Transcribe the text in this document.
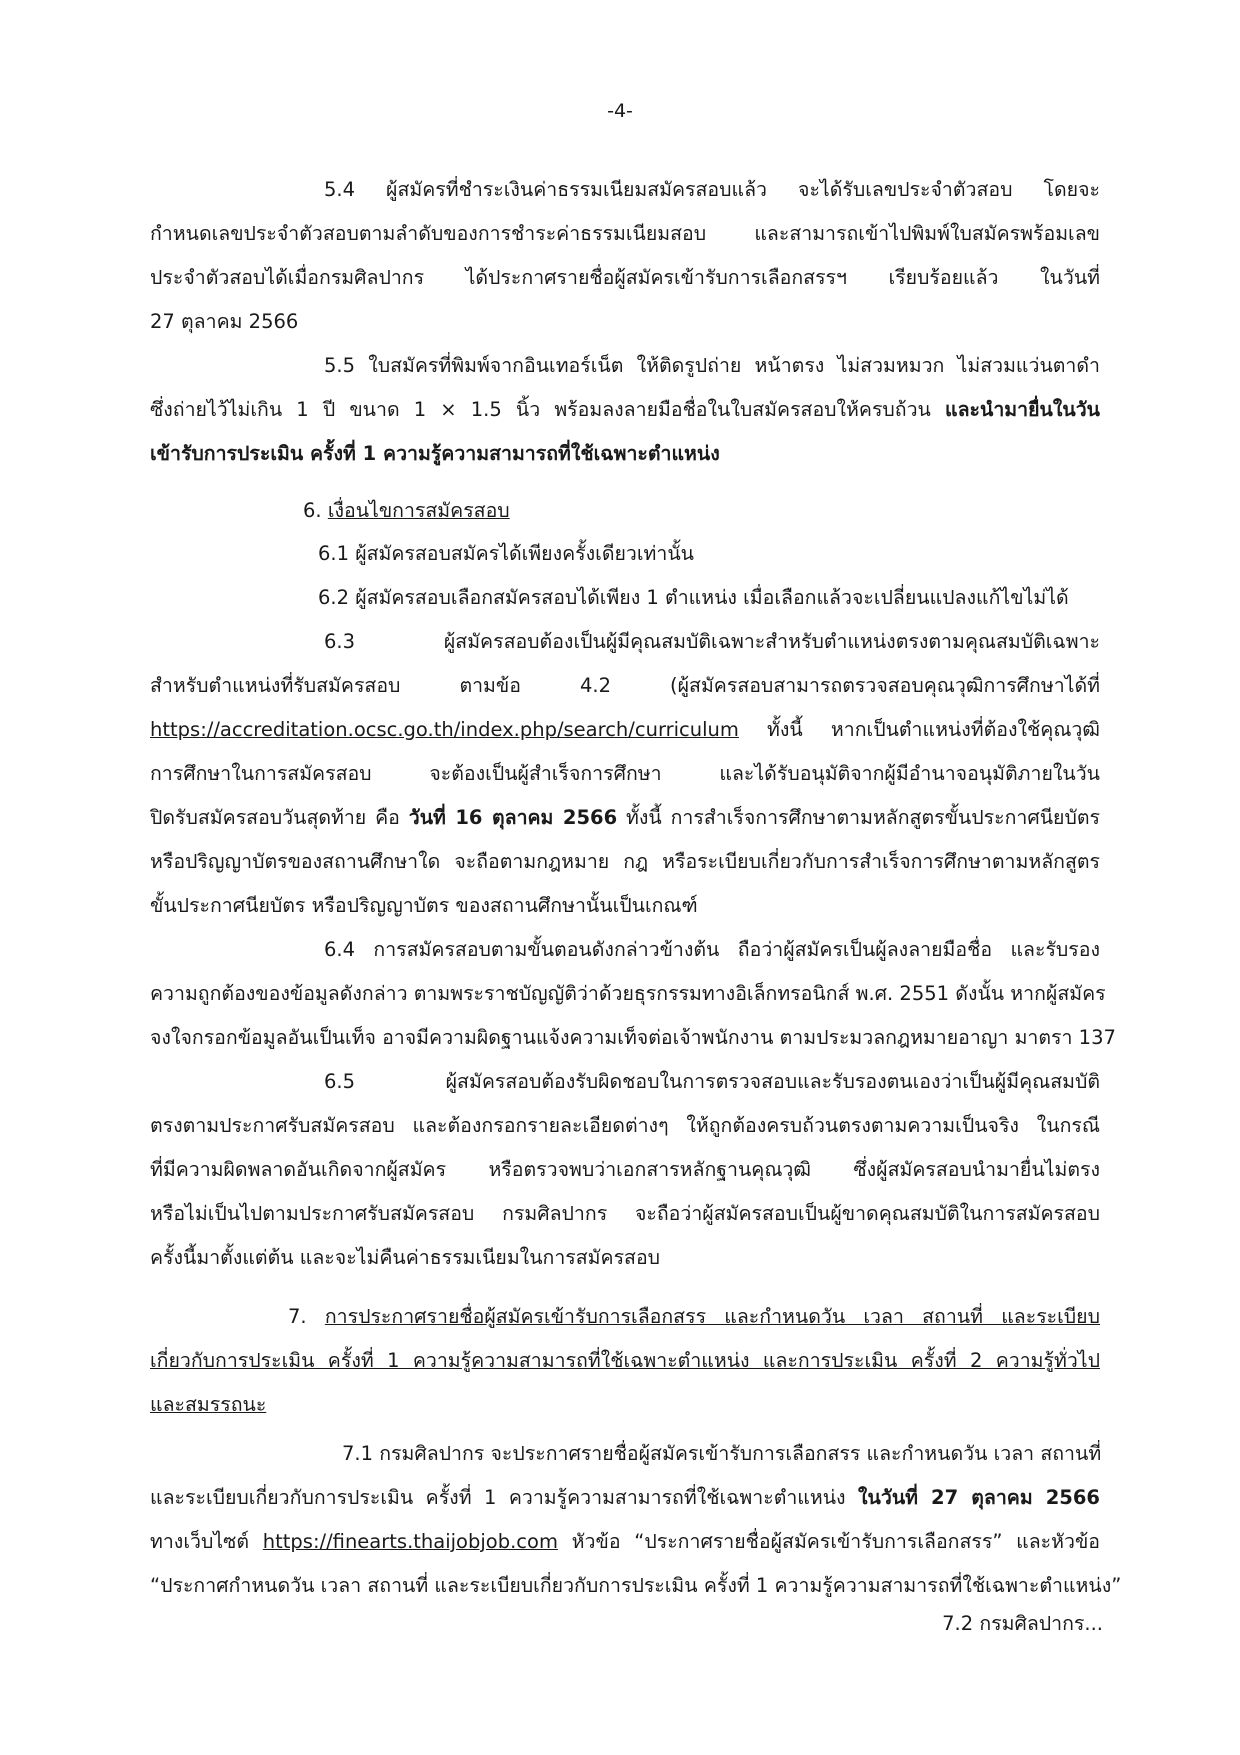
-4-
5.4 ผู้สมัครที่ชำระเงินค่าธรรมเนียมสมัครสอบแล้ว จะได้รับเลขประจำตัวสอบ โดยจะ
กำหนดเลขประจำตัวสอบตามลำดับของการชำระค่าธรรมเนียมสอบ และสามารถเข้าไปพิมพ์ใบสมัครพร้อมเลข
ประจำตัวสอบได้เมื่อกรมศิลปากร ได้ประกาศรายชื่อผู้สมัครเข้ารับการเลือกสรรฯ เรียบร้อยแล้ว ในวันที่
27 ตุลาคม 2566
5.5 ใบสมัครที่พิมพ์จากอินเทอร์เน็ต ให้ติดรูปถ่าย หน้าตรง ไม่สวมหมวก ไม่สวมแว่นตาดำ
ซึ่งถ่ายไว้ไม่เกิน 1 ปี ขนาด 1 × 1.5 นิ้ว พร้อมลงลายมือชื่อในใบสมัครสอบให้ครบถ้วน และนำมายื่นในวัน
เข้ารับการประเมิน ครั้งที่ 1 ความรู้ความสามารถที่ใช้เฉพาะตำแหน่ง
6. เงื่อนไขการสมัครสอบ
6.1 ผู้สมัครสอบสมัครได้เพียงครั้งเดียวเท่านั้น
6.2 ผู้สมัครสอบเลือกสมัครสอบได้เพียง 1 ตำแหน่ง เมื่อเลือกแล้วจะเปลี่ยนแปลงแก้ไขไม่ได้
6.3 ผู้สมัครสอบต้องเป็นผู้มีคุณสมบัติเฉพาะสำหรับตำแหน่งตรงตามคุณสมบัติเฉพาะ
สำหรับตำแหน่งที่รับสมัครสอบ ตามข้อ 4.2 (ผู้สมัครสอบสามารถตรวจสอบคุณวุฒิการศึกษาได้ที่
https://accreditation.ocsc.go.th/index.php/search/curriculum ทั้งนี้ หากเป็นตำแหน่งที่ต้องใช้คุณวุฒิ
การศึกษาในการสมัครสอบ จะต้องเป็นผู้สำเร็จการศึกษา และได้รับอนุมัติจากผู้มีอำนาจอนุมัติภายในวัน
ปิดรับสมัครสอบวันสุดท้าย คือ วันที่ 16 ตุลาคม 2566 ทั้งนี้ การสำเร็จการศึกษาตามหลักสูตรขั้นประกาศนียบัตร
หรือปริญญาบัตรของสถานศึกษาใด จะถือตามกฎหมาย กฎ หรือระเบียบเกี่ยวกับการสำเร็จการศึกษาตามหลักสูตร
ขั้นประกาศนียบัตร หรือปริญญาบัตร ของสถานศึกษานั้นเป็นเกณฑ์
6.4 การสมัครสอบตามขั้นตอนดังกล่าวข้างต้น ถือว่าผู้สมัครเป็นผู้ลงลายมือชื่อ และรับรอง
ความถูกต้องของข้อมูลดังกล่าว ตามพระราชบัญญัติว่าด้วยธุรกรรมทางอิเล็กทรอนิกส์ พ.ศ. 2551 ดังนั้น หากผู้สมัคร
จงใจกรอกข้อมูลอันเป็นเท็จ อาจมีความผิดฐานแจ้งความเท็จต่อเจ้าพนักงาน ตามประมวลกฎหมายอาญา มาตรา 137
6.5 ผู้สมัครสอบต้องรับผิดชอบในการตรวจสอบและรับรองตนเองว่าเป็นผู้มีคุณสมบัติ
ตรงตามประกาศรับสมัครสอบ และต้องกรอกรายละเอียดต่างๆ ให้ถูกต้องครบถ้วนตรงตามความเป็นจริง ในกรณี
ที่มีความผิดพลาดอันเกิดจากผู้สมัคร หรือตรวจพบว่าเอกสารหลักฐานคุณวุฒิ ซึ่งผู้สมัครสอบนำมายื่นไม่ตรง
หรือไม่เป็นไปตามประกาศรับสมัครสอบ กรมศิลปากร จะถือว่าผู้สมัครสอบเป็นผู้ขาดคุณสมบัติในการสมัครสอบ
ครั้งนี้มาตั้งแต่ต้น และจะไม่คืนค่าธรรมเนียมในการสมัครสอบ
7. การประกาศรายชื่อผู้สมัครเข้ารับการเลือกสรร และกำหนดวัน เวลา สถานที่ และระเบียบ
เกี่ยวกับการประเมิน ครั้งที่ 1 ความรู้ความสามารถที่ใช้เฉพาะตำแหน่ง และการประเมิน ครั้งที่ 2 ความรู้ทั่วไป
และสมรรถนะ
7.1 กรมศิลปากร จะประกาศรายชื่อผู้สมัครเข้ารับการเลือกสรร และกำหนดวัน เวลา สถานที่
และระเบียบเกี่ยวกับการประเมิน ครั้งที่ 1 ความรู้ความสามารถที่ใช้เฉพาะตำแหน่ง ในวันที่ 27 ตุลาคม 2566
ทางเว็บไซต์ https://finearts.thaijobjob.com หัวข้อ “ประกาศรายชื่อผู้สมัครเข้ารับการเลือกสรร” และหัวข้อ
“ประกาศกำหนดวัน เวลา สถานที่ และระเบียบเกี่ยวกับการประเมิน ครั้งที่ 1 ความรู้ความสามารถที่ใช้เฉพาะตำแหน่ง”
7.2 กรมศิลปากร...
